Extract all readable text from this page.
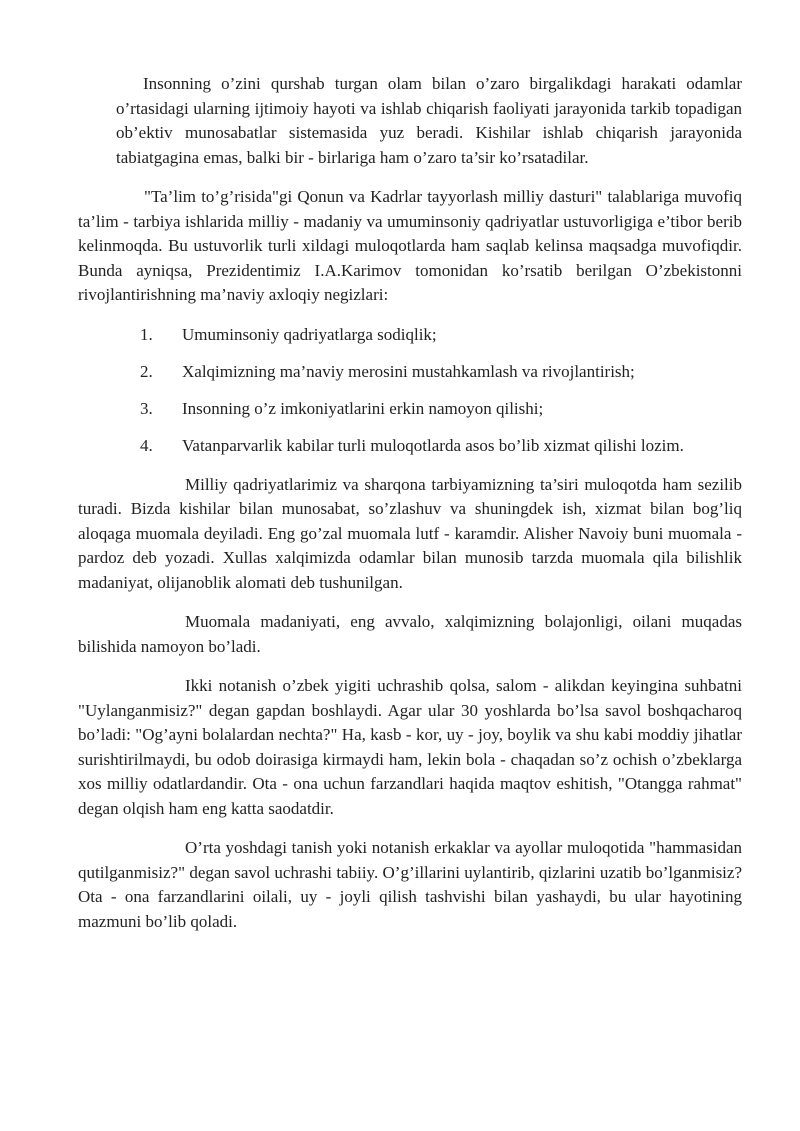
Insonning o’zini qurshab turgan olam bilan o’zaro birgalikdagi harakati odamlar o’rtasidagi ularning ijtimoiy hayoti va ishlab chiqarish faoliyati jarayonida tarkib topadigan ob’ektiv munosabatlar sistemasida yuz beradi. Kishilar ishlab chiqarish jarayonida tabiatgagina emas, balki bir - birlariga ham o’zaro ta’sir ko’rsatadilar.

"Ta’lim to’g’risida"gi Qonun va Kadrlar tayyorlash milliy dasturi" talablariga muvofiq ta’lim - tarbiya ishlarida milliy - madaniy va umuminsoniy qadriyatlar ustuvorligiga e’tibor berib kelinmoqda. Bu ustuvorlik turli xildagi muloqotlarda ham saqlab kelinsa maqsadga muvofiqdir. Bunda ayniqsa, Prezidentimiz I.A.Karimov tomonidan ko’rsatib berilgan O’zbekistonni rivojlantirishning ma’naviy axloqiy negizlari:

1.	Umuminsoniy qadriyatlarga sodiqlik;
2.	Xalqimizning ma’naviy merosini mustahkamlash va rivojlantirish;
3.	Insonning o’z imkoniyatlarini erkin namoyon qilishi;
4.	Vatanparvarlik kabilar turli muloqotlarda asos bo’lib xizmat qilishi lozim.

Milliy qadriyatlarimiz va sharqona tarbiyamizning ta’siri muloqotda ham sezilib turadi. Bizda kishilar bilan munosabat, so’zlashuv va shuningdek ish, xizmat bilan bog’liq aloqaga muomala deyiladi. Eng go’zal muomala lutf - karamdir. Alisher Navoiy buni muomala - pardoz deb yozadi. Xullas xalqimizda odamlar bilan munosib tarzda muomala qila bilishlik madaniyat, olijanoblik alomati deb tushunilgan.

Muomala madaniyati, eng avvalo, xalqimizning bolajonligi, oilani muqadas bilishida namoyon bo’ladi.

Ikki notanish o’zbek yigiti uchrashib qolsa, salom - alikdan keyingina suhbatni "Uylanganmisiz?" degan gapdan boshlaydi. Agar ular 30 yoshlarda bo’lsa savol boshqacharoq bo’ladi: "Og’ayni bolalardan nechta?" Ha, kasb - kor, uy - joy, boylik va shu kabi moddiy jihatlar surishtirilmaydi, bu odob doirasiga kirmaydi ham, lekin bola - chaqadan so’z ochish o’zbeklarga xos milliy odatlardandir. Ota - ona uchun farzandlari haqida maqtov eshitish, "Otangga rahmat" degan olqish ham eng katta saodatdir.

O’rta yoshdagi tanish yoki notanish erkaklar va ayollar muloqotida "hammasidan qutilganmisiz?" degan savol uchrashi tabiiy. O’g’illarini uylantirib, qizlarini uzatib bo’lganmisiz? Ota - ona farzandlarini oilali, uy - joyli qilish tashvishi bilan yashaydi, bu ular hayotining mazmuni bo’lib qoladi.
